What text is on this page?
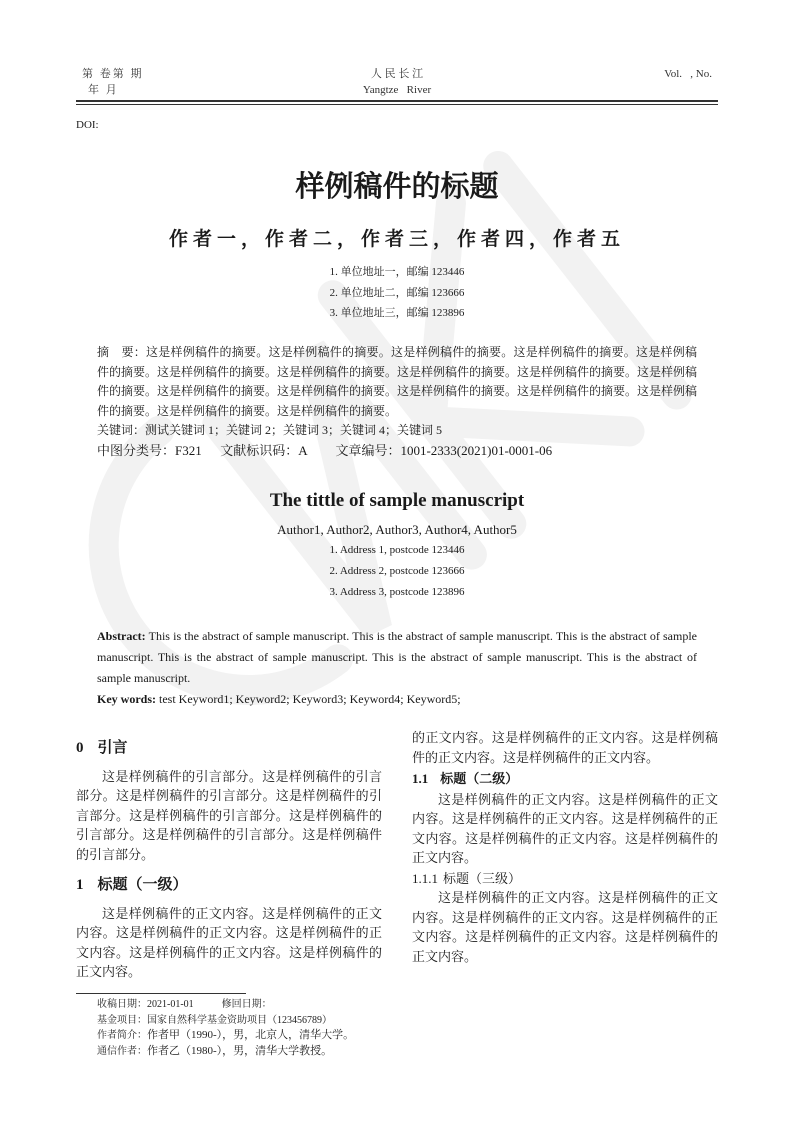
第 卷第 期
年 月
人 民 长 江
Yangtze   River
Vol.   , No.
DOI:
样例稿件的标题
作者一，作者二，作者三，作者四，作者五
1. 单位地址一，邮编 123446
2. 单位地址二，邮编 123666
3. 单位地址三，邮编 123896
摘　要：这是样例稿件的摘要。这是样例稿件的摘要。这是样例稿件的摘要。这是样例稿件的摘要。这是样例稿件的摘要。这是样例稿件的摘要。这是样例稿件的摘要。这是样例稿件的摘要。这是样例稿件的摘要。这是样例稿件的摘要。这是样例稿件的摘要。这是样例稿件的摘要。这是样例稿件的摘要。这是样例稿件的摘要。这是样例稿件的摘要。这是样例稿件的摘要。这是样例稿件的摘要。
关键词：测试关键词 1；关键词 2；关键词 3；关键词 4；关键词 5
中图分类号：F321 文献标识码：A 文章编号：1001-2333(2021)01-0001-06
The tittle of sample manuscript
Author1, Author2, Author3, Author4, Author5
1. Address 1, postcode 123446
2. Address 2, postcode 123666
3. Address 3, postcode 123896
Abstract: This is the abstract of sample manuscript. This is the abstract of sample manuscript. This is the abstract of sample manuscript. This is the abstract of sample manuscript. This is the abstract of sample manuscript. This is the abstract of sample manuscript.
Key words: test Keyword1; Keyword2; Keyword3; Keyword4; Keyword5;
0 引言
这是样例稿件的引言部分。这是样例稿件的引言部分。这是样例稿件的引言部分。这是样例稿件的引言部分。这是样例稿件的引言部分。这是样例稿件的引言部分。这是样例稿件的引言部分。这是样例稿件的引言部分。
1 标题（一级）
这是样例稿件的正文内容。这是样例稿件的正文内容。这是样例稿件的正文内容。这是样例稿件的正文内容。这是样例稿件的正文内容。这是样例稿件的正文内容。
的正文内容。这是样例稿件的正文内容。这是样例稿件的正文内容。这是样例稿件的正文内容。
1.1 标题（二级）
这是样例稿件的正文内容。这是样例稿件的正文内容。这是样例稿件的正文内容。这是样例稿件的正文内容。这是样例稿件的正文内容。这是样例稿件的正文内容。
1.1.1 标题（三级）
这是样例稿件的正文内容。这是样例稿件的正文内容。这是样例稿件的正文内容。这是样例稿件的正文内容。这是样例稿件的正文内容。这是样例稿件的正文内容。
收稿日期：2021-01-01	修回日期：
基金项目：国家自然科学基金资助项目（123456789）
作者简介：作者甲（1990-），男，北京人，清华大学。
通信作者：作者乙（1980-），男，清华大学教授。
